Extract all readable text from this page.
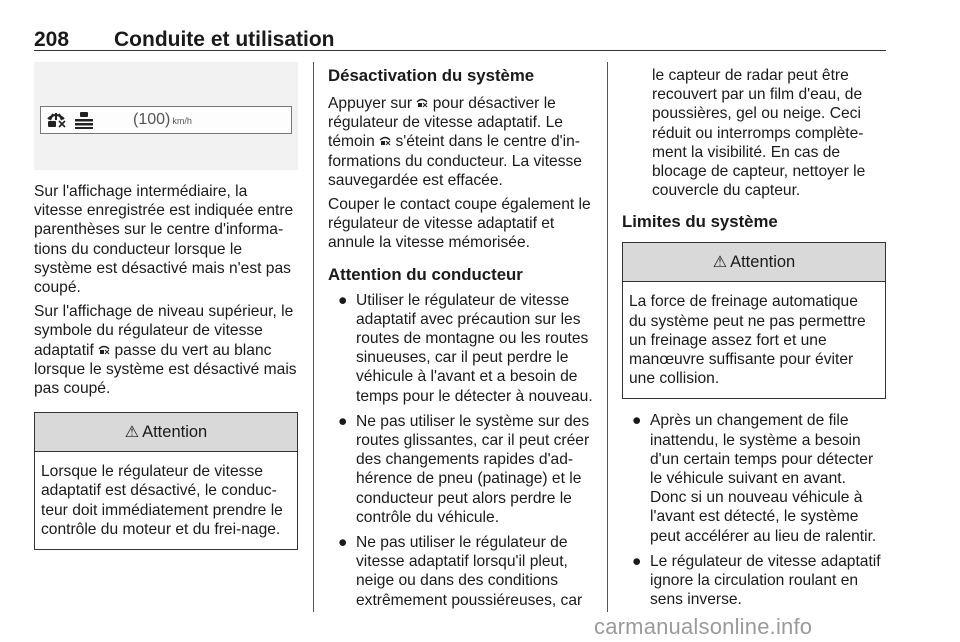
208 Conduite et utilisation
(100) km/h

Sur l'affichage intermédiaire, la vitesse enregistrée est indiquée entre parenthèses sur le centre d'informa-tions du conducteur lorsque le système est désactivé mais n'est pas coupé.

Sur l'affichage de niveau supérieur, le symbole du régulateur de vitesse adaptatif  passe du vert au blanc lorsque le système est désactivé mais pas coupé.

⚠ Attention
Lorsque le régulateur de vitesse adaptatif est désactivé, le conduc-teur doit immédiatement prendre le contrôle du moteur et du frei-nage.

Désactivation du système

Appuyer sur  pour désactiver le régulateur de vitesse adaptatif. Le témoin  s'éteint dans le centre d'in-formations du conducteur. La vitesse sauvegardée est effacée.

Couper le contact coupe également le régulateur de vitesse adaptatif et annule la vitesse mémorisée.

Attention du conducteur

● Utiliser le régulateur de vitesse adaptatif avec précaution sur les routes de montagne ou les routes sinueuses, car il peut perdre le véhicule à l'avant et a besoin de temps pour le détecter à nouveau.
● Ne pas utiliser le système sur des routes glissantes, car il peut créer des changements rapides d'ad-hérence de pneu (patinage) et le conducteur peut alors perdre le contrôle du véhicule.
● Ne pas utiliser le régulateur de vitesse adaptatif lorsqu'il pleut, neige ou dans des conditions extrêmement poussiéreuses, car

le capteur de radar peut être recouvert par un film d'eau, de poussières, gel ou neige. Ceci réduit ou interromps complète-ment la visibilité. En cas de blocage de capteur, nettoyer le couvercle du capteur.

Limites du système

⚠ Attention
La force de freinage automatique du système peut ne pas permettre un freinage assez fort et une manœuvre suffisante pour éviter une collision.
● Après un changement de file inattendu, le système a besoin d'un certain temps pour détecter le véhicule suivant en avant. Donc si un nouveau véhicule à l'avant est détecté, le système peut accélérer au lieu de ralentir.
● Le régulateur de vitesse adaptatif ignore la circulation roulant en sens inverse.
carmanualsonline.info
